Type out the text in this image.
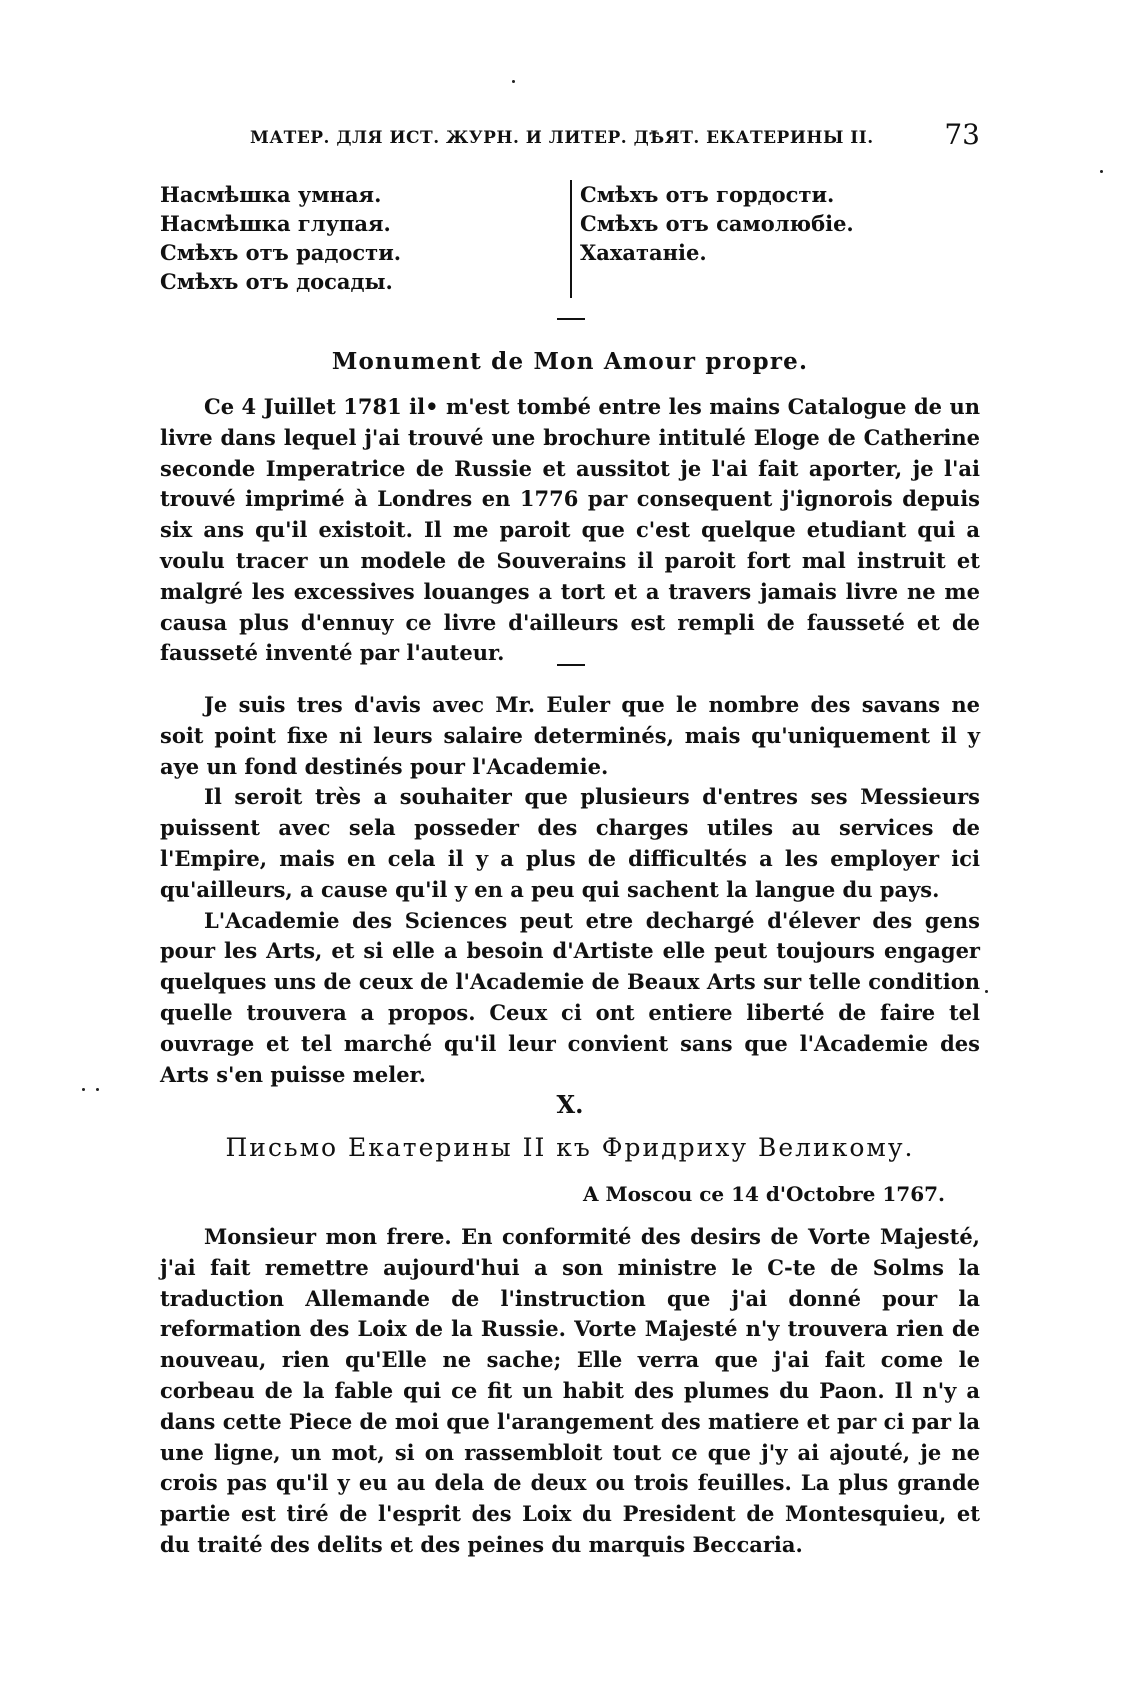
МАТЕР. ДЛЯ ИСТ. ЖУРН. И ЛИТЕР. ДѢЯТ. ЕКАТЕРИНЫ II.	73
Насмѣшка умная.
Насмѣшка глупая.
Смѣхъ отъ радости.
Смѣхъ отъ досады.
Смѣхъ отъ гордости.
Смѣхъ отъ самолюбіе.
Хахатаніе.
Monument de Mon Amour propre.

Ce 4 Juillet 1781 il• m'est tombé entre les mains Catalogue de un livre dans lequel j'ai trouvé une brochure intitulé Eloge de Catherine seconde Imperatrice de Russie et aussitot je l'ai fait aporter, je l'ai trouvé imprimé à Londres en 1776 par consequent j'ignorois depuis six ans qu'il existoit. Il me paroit que c'est quelque etudiant qui a voulu tracer un modele de Souverains il paroit fort mal instruit et malgré les excessives louanges a tort et a travers jamais livre ne me causa plus d'ennuy ce livre d'ailleurs est rempli de fausseté et de fausseté inventé par l'auteur.

Je suis tres d'avis avec Mr. Euler que le nombre des savans ne soit point fixe ni leurs salaire determinés, mais qu'uniquement il y aye un fond destinés pour l'Academie.

Il seroit très a souhaiter que plusieurs d'entres ses Messieurs puissent avec sela posseder des charges utiles au services de l'Empire, mais en cela il y a plus de difficultés a les employer ici qu'ailleurs, a cause qu'il y en a peu qui sachent la langue du pays.

L'Academie des Sciences peut etre dechargé d'élever des gens pour les Arts, et si elle a besoin d'Artiste elle peut toujours engager quelques uns de ceux de l'Academie de Beaux Arts sur telle condition quelle trouvera a propos. Ceux ci ont entiere liberté de faire tel ouvrage et tel marché qu'il leur convient sans que l'Academie des Arts s'en puisse meler.

X.
Письмо Екатерины II къ Фридриху Великому.
A Moscou ce 14 d'Octobre 1767.

Monsieur mon frere. En conformité des desirs de Vorte Majesté, j'ai fait remettre aujourd'hui a son ministre le C-te de Solms la traduction Allemande de l'instruction que j'ai donné pour la reformation des Loix de la Russie. Vorte Majesté n'y trouvera rien de nouveau, rien qu'Elle ne sache; Elle verra que j'ai fait come le corbeau de la fable qui ce fit un habit des plumes du Paon. Il n'y a dans cette Piece de moi que l'arangement des matiere et par ci par la une ligne, un mot, si on rassembloit tout ce que j'y ai ajouté, je ne crois pas qu'il y eu au dela de deux ou trois feuilles. La plus grande partie est tiré de l'esprit des Loix du President de Montesquieu, et du traité des delits et des peines du marquis Beccaria.
